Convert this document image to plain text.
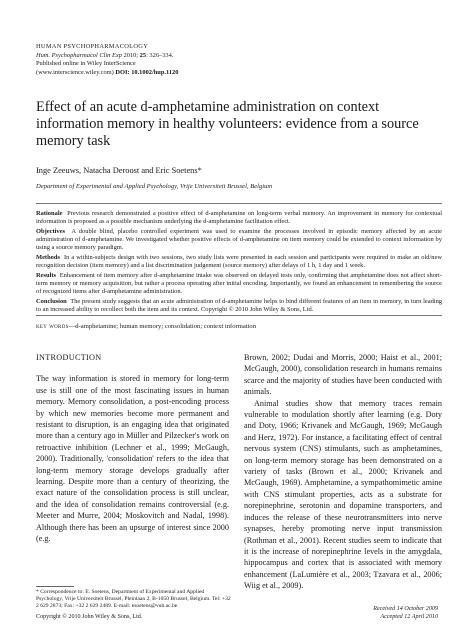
HUMAN PSYCHOPHARMACOLOGY
Hum. Psychopharmacol Clin Exp 2010; 25: 326–334.
Published online in Wiley InterScience
(www.interscience.wiley.com) DOI: 10.1002/hup.1120
Effect of an acute d-amphetamine administration on context information memory in healthy volunteers: evidence from a source memory task
Inge Zeeuws, Natacha Deroost and Eric Soetens*
Department of Experimental and Applied Psychology, Vrije Universiteit Brussel, Belgium

Rationale Previous research demonstrated a positive effect of d-amphetamine on long-term verbal memory. An improvement in memory for contextual information is proposed as a possible mechanism underlying the d-amphetamine facilitation effect.

Objectives A double blind, placebo controlled experiment was used to examine the processes involved in episodic memory affected by an acute administration of d-amphetamine. We investigated whether positive effects of d-amphetamine on item memory could be extended to context information by using a source memory paradigm.

Methods In a within-subjects design with two sessions, two study lists were presented in each session and participants were required to make an old/new recognition decision (item memory) and a list discrimination judgement (source memory) after delays of 1 h, 1 day and 1 week.

Results Enhancement of item memory after d-amphetamine intake was observed on delayed tests only, confirming that amphetamine does not affect short-term memory or memory acquisition, but rather a process operating after initial encoding. Importantly, we found an enhancement in remembering the source of recognized items after d-amphetamine administration.

Conclusion The present study suggests that an acute administration of d-amphetamine helps to bind different features of an item in memory, in turn leading to an increased ability to recollect both the item and its context. Copyright © 2010 John Wiley & Sons, Ltd.

key words—d-amphetamine; human memory; consolidation; context information
INTRODUCTION

The way information is stored in memory for long-term use is still one of the most fascinating issues in human memory. Memory consolidation, a post-encoding process by which new memories become more permanent and resistant to disruption, is an engaging idea that originated more than a century ago in Müller and Pilzecker's work on retroactive inhibition (Lechner et al., 1999; McGaugh, 2000). Traditionally, 'consolidation' refers to the idea that long-term memory storage develops gradually after learning. Despite more than a century of theorizing, the exact nature of the consolidation process is still unclear, and the idea of consolidation remains controversial (e.g. Meeter and Murre, 2004; Moskovitch and Nadal, 1998). Although there has been an upsurge of interest since 2000 (e.g.

Brown, 2002; Dudai and Morris, 2000; Haist et al., 2001; McGaugh, 2000), consolidation research in humans remains scarce and the majority of studies have been conducted with animals.

Animal studies show that memory traces remain vulnerable to modulation shortly after learning (e.g. Doty and Doty, 1966; Krivanek and McGaugh, 1969; McGaugh and Herz, 1972). For instance, a facilitating effect of central nervous system (CNS) stimulants, such as amphetamines, on long-term memory storage has been demonstrated on a variety of tasks (Brown et al., 2000; Krivanek and McGaugh, 1969). Amphetamine, a sympathomimetic amine with CNS stimulant properties, acts as a substrate for norepinephrine, serotonin and dopamine transporters, and induces the release of these neurotransmitters into nerve synapses, hereby promoting nerve input transmission (Rothman et al., 2001). Recent studies seem to indicate that it is the increase of norepinephrine levels in the amygdala, hippocampus and cortex that is associated with memory enhancement (LaLumière et al., 2003; Tzavara et al., 2006; Wiig et al., 2009).

* Correspondence to: E. Soetens, Department of Experimental and Applied Psychology, Vrije Universiteit Brussel, Pleinlaan 2, B-1050 Brussel, Belgium. Tel: +32 2 629 2873; Fax: +32 2 629 2489. E-mail: esoetens@vub.ac.be
Copyright © 2010 John Wiley & Sons, Ltd.
Received 14 October 2009
Accepted 12 April 2010
